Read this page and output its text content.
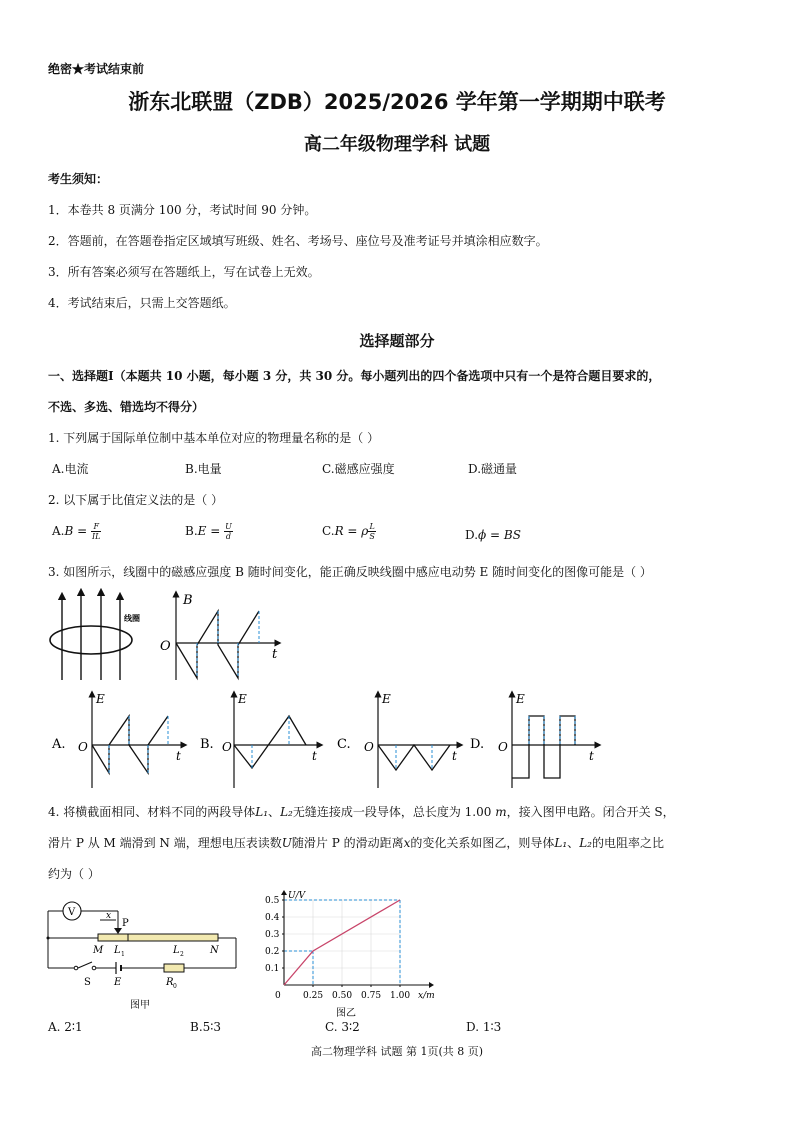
绝密★考试结束前
浙东北联盟（ZDB）2025/2026 学年第一学期期中联考
高二年级物理学科 试题
考生须知：
1．本卷共 8 页满分 100 分，考试时间 90 分钟。
2．答题前，在答题卷指定区域填写班级、姓名、考场号、座位号及准考证号并填涂相应数字。
3．所有答案必须写在答题纸上，写在试卷上无效。
4．考试结束后，只需上交答题纸。
选择题部分
一、选择题Ⅰ（本题共 10 小题，每小题 3 分，共 30 分。每小题列出的四个备选项中只有一个是符合题目要求的，
不选、多选、错选均不得分）
1. 下列属于国际单位制中基本单位对应的物理量名称的是（ ）
A.电流	B.电量	C.磁感应强度	D.磁通量
2. 以下属于比值定义法的是（ ）
$A.B = \frac{F}{IL}$	$B.E = \frac{U}{d}$	C.R = ρ $\frac{L}{S}$	D.ϕ = BS
3. 如图所示，线圈中的磁感应强度 B 随时间变化，能正确反映线圈中感应电动势 E 随时间变化的图像可能是（ ）
线圈
B
O
t
A.
E
O
t
B.
E
O
t
C.
E
O
t
D.
E
O
t
4. 将横截面相同、材料不同的两段导体L₁、L₂无缝连接成一段导体，总长度为 1.00 m，接入图甲电路。闭合开关 S，
滑片 P 从 M 端滑到 N 端，理想电压表读数U随滑片 P 的滑动距离x的变化关系如图乙，则导体L₁、L₂的电阻率之比
约为（ ）
V	x
P
M L 1	L 2	N
S E	R 0
图甲
0.1
0.2
0.3
0.4
0.5
0.25 0.50 0.75 1.00
U/V
x/m
0
图乙
A. 2∶1	B.5∶3	C. 3∶2	D. 1∶3
高二物理学科 试题 第 1页(共 8 页)
